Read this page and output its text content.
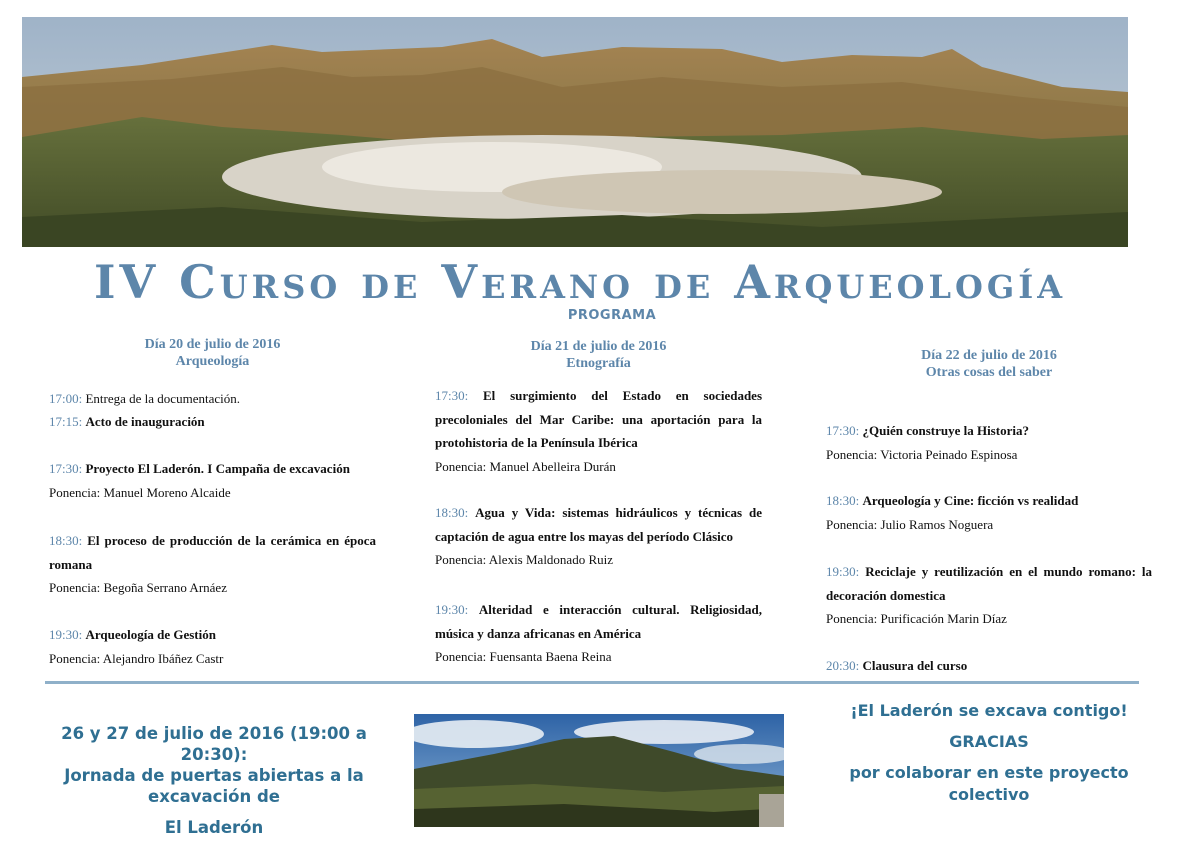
IV Curso de Verano de Arqueología
PROGRAMA
Día 20 de julio de 2016
Arqueología
17:00: Entrega de la documentación.
17:15: Acto de inauguración
17:30: Proyecto El Laderón. I Campaña de excavación
Ponencia: Manuel Moreno Alcaide
18:30: El proceso de producción de la cerámica en época romana
Ponencia: Begoña Serrano Arnáez
19:30: Arqueología de Gestión
Ponencia: Alejandro Ibáñez Castr
Día 21 de julio de 2016
Etnografía
17:30: El surgimiento del Estado en sociedades precoloniales del Mar Caribe: una aportación para la protohistoria de la Península Ibérica
Ponencia: Manuel Abelleira Durán
18:30: Agua y Vida: sistemas hidráulicos y técnicas de captación de agua entre los mayas del período Clásico
Ponencia: Alexis Maldonado Ruiz
19:30: Alteridad e interacción cultural. Religiosidad, música y danza africanas en América
Ponencia: Fuensanta Baena Reina
Día 22 de julio de 2016
Otras cosas del saber
17:30: ¿Quién construye la Historia?
Ponencia: Victoria Peinado Espinosa
18:30: Arqueología y Cine: ficción vs realidad
Ponencia: Julio Ramos Noguera
19:30: Reciclaje y reutilización en el mundo romano: la decoración domestica
Ponencia: Purificación Marin Díaz
20:30: Clausura del curso
26 y 27 de julio de 2016 (19:00 a 20:30):
Jornada de puertas abiertas a la excavación de
El Laderón
¡El Laderón se excava contigo!
GRACIAS
por colaborar en este proyecto colectivo
